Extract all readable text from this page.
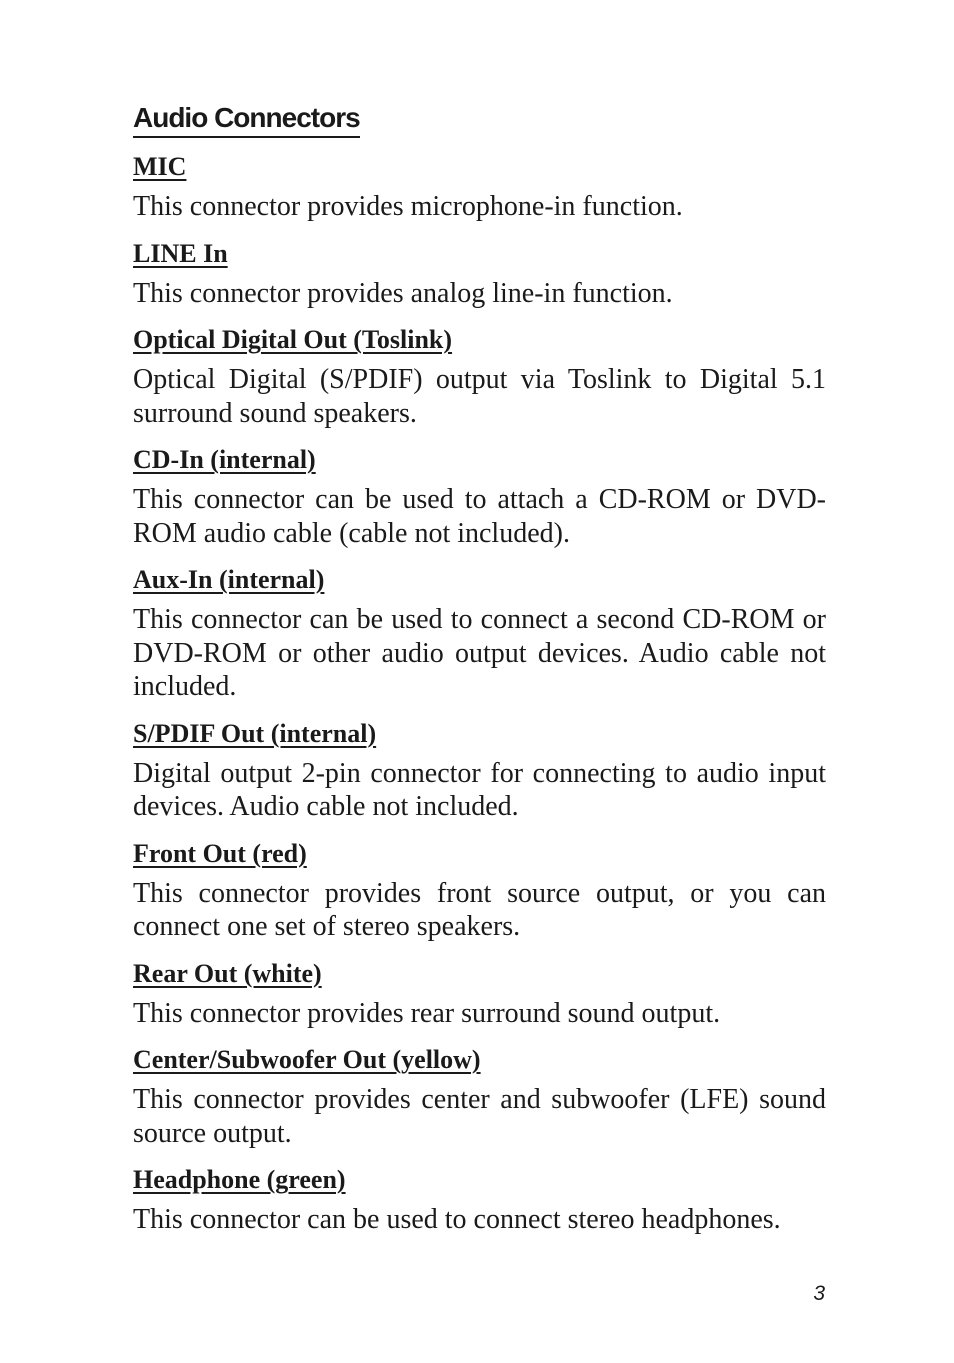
Audio Connectors
MIC

This connector provides microphone-in function.

LINE In

This connector provides analog line-in function.

Optical Digital Out (Toslink)

Optical Digital (S/PDIF) output via Toslink to Digital 5.1 surround sound speakers.

CD-In (internal)

This connector can be used to attach a CD-ROM or DVD-ROM audio cable (cable not included).

Aux-In (internal)

This connector can be used to connect a second CD-ROM or DVD-ROM or other audio output devices. Audio cable not included.

S/PDIF Out (internal)

Digital output 2-pin connector for connecting to audio input devices. Audio cable not included.

Front Out (red)

This connector provides front source output, or you can connect one set of stereo speakers.

Rear Out (white)

This connector provides rear surround sound output.

Center/Subwoofer Out (yellow)

This connector provides center and subwoofer (LFE) sound source output.

Headphone (green)

This connector can be used to connect stereo headphones.

3
